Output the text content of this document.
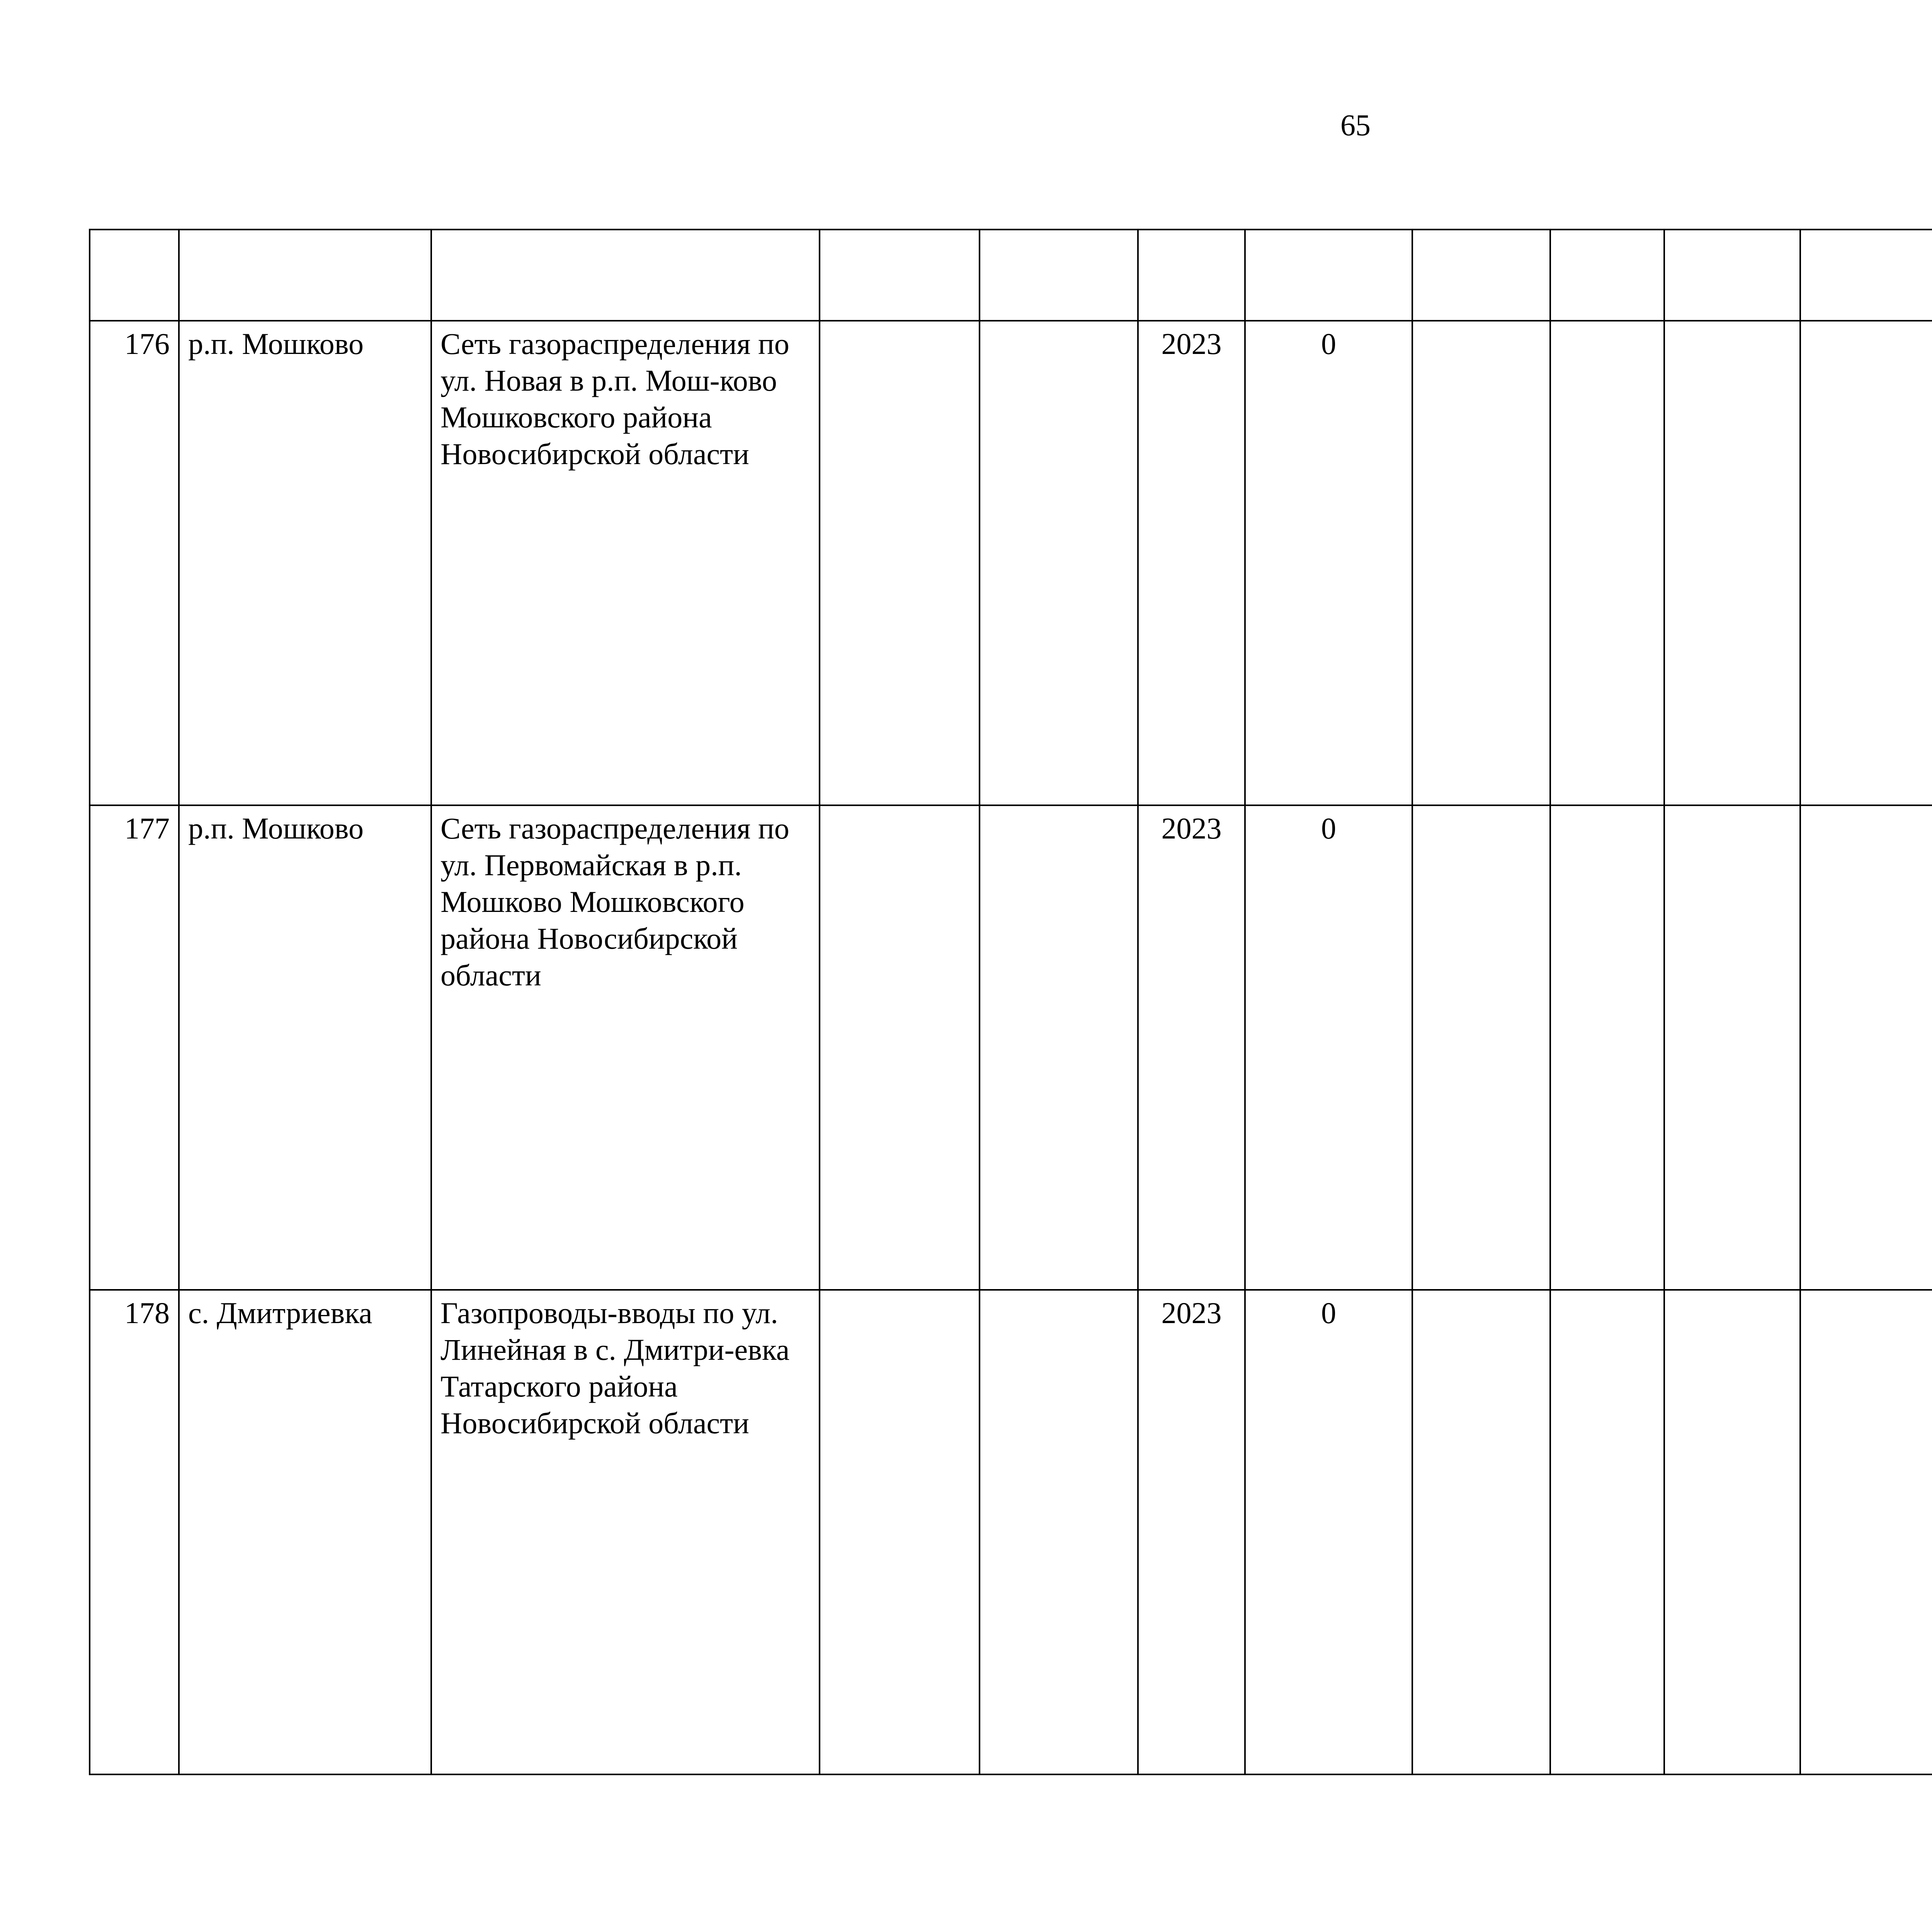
65

176	р.п. Мошково	Сеть газораспределения по ул. Новая в р.п. Мош-ково Мошковского района Новосибирской области			2023	0							
177	р.п. Мошково	Сеть газораспределения по ул. Первомайская в р.п. Мошково Мошковского района Новосибирской области			2023	0							
178	с. Дмитриевка	Газопроводы-вводы по ул. Линейная в с. Дмитри-евка Татарского района Новосибирской области			2023	0							
